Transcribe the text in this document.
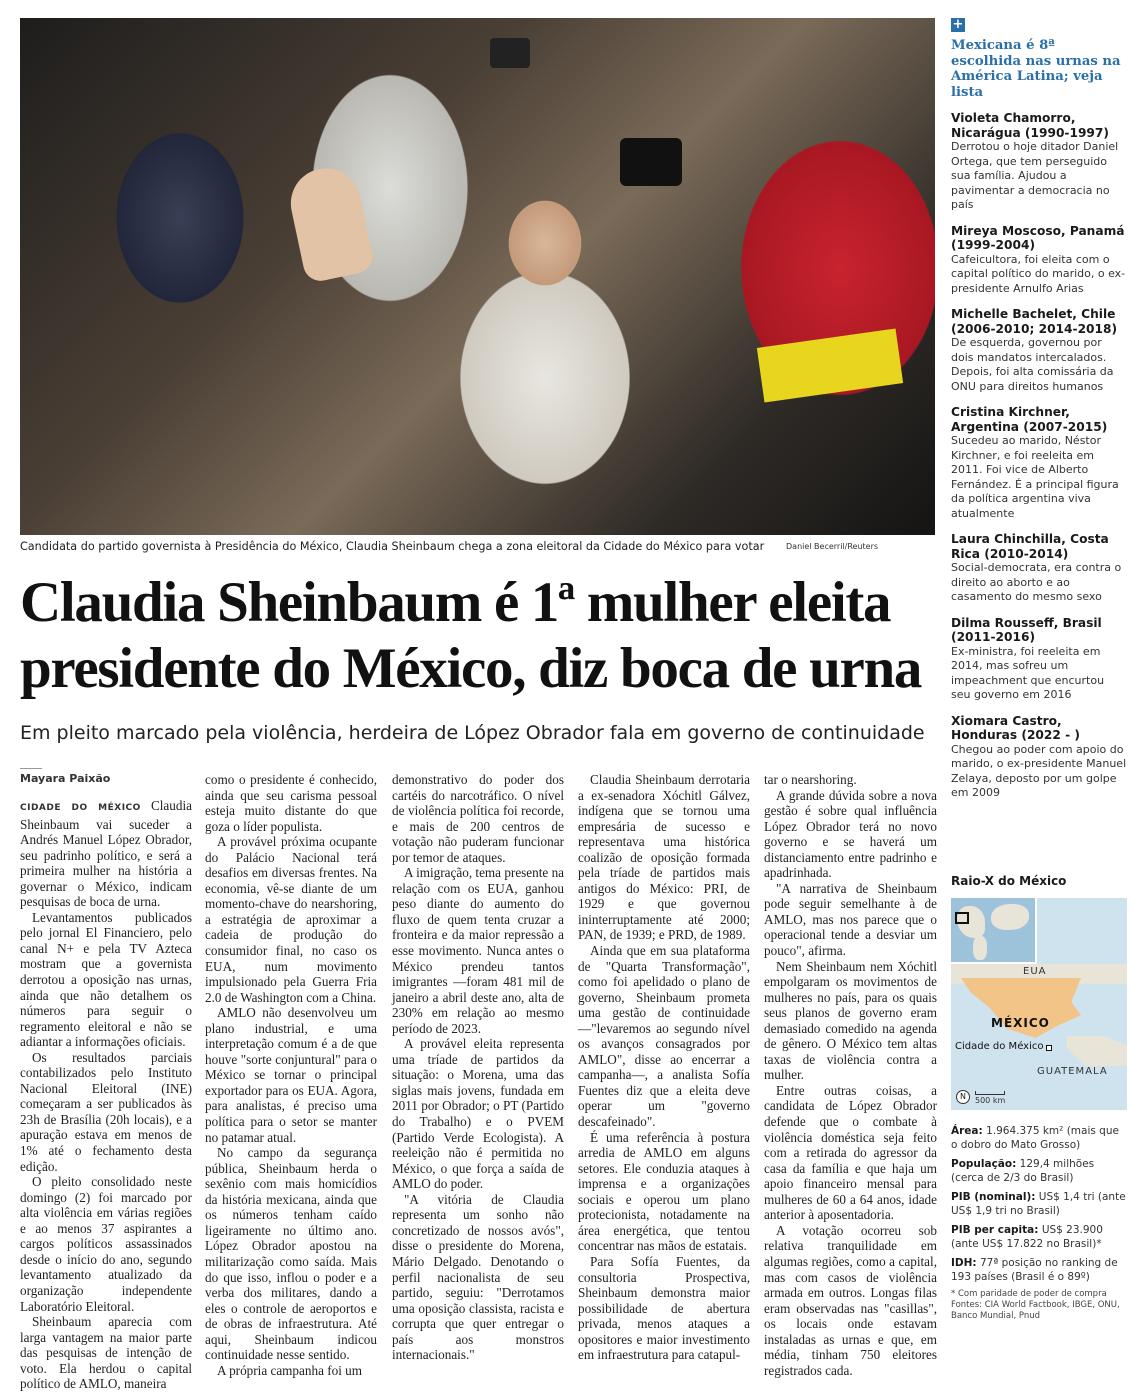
Candidata do partido governista à Presidência do México, Claudia Sheinbaum chega a zona eleitoral da Cidade do México para votar	Daniel Becerril/Reuters
Claudia Sheinbaum é 1ª mulher eleita presidente do México, diz boca de urna
Em pleito marcado pela violência, herdeira de López Obrador fala em governo de continuidade
Mayara Paixão

CIDADE DO MÉXICO Claudia Sheinbaum vai suceder a Andrés Manuel López Obrador, seu padrinho político, e será a primeira mulher na história a governar o México, indicam pesquisas de boca de urna.

Levantamentos publicados pelo jornal El Financiero, pelo canal N+ e pela TV Azteca mostram que a governista derrotou a oposição nas urnas, ainda que não detalhem os números para seguir o regramento eleitoral e não se adiantar a informações oficiais.

Os resultados parciais contabilizados pelo Instituto Nacional Eleitoral (INE) começaram a ser publicados às 23h de Brasília (20h locais), e a apuração estava em menos de 1% até o fechamento desta edição.

O pleito consolidado neste domingo (2) foi marcado por alta violência em várias regiões e ao menos 37 aspirantes a cargos políticos assassinados desde o início do ano, segundo levantamento atualizado da organização independente Laboratório Eleitoral.

Sheinbaum aparecia com larga vantagem na maior parte das pesquisas de intenção de voto. Ela herdou o capital político de AMLO, maneira

como o presidente é conhecido, ainda que seu carisma pessoal esteja muito distante do que goza o líder populista.

A provável próxima ocupante do Palácio Nacional terá desafios em diversas frentes. Na economia, vê-se diante de um momento-chave do nearshoring, a estratégia de aproximar a cadeia de produção do consumidor final, no caso os EUA, num movimento impulsionado pela Guerra Fria 2.0 de Washington com a China.

AMLO não desenvolveu um plano industrial, e uma interpretação comum é a de que houve "sorte conjuntural" para o México se tornar o principal exportador para os EUA. Agora, para analistas, é preciso uma política para o setor se manter no patamar atual.

No campo da segurança pública, Sheinbaum herda o sexênio com mais homicídios da história mexicana, ainda que os números tenham caído ligeiramente no último ano. López Obrador apostou na militarização como saída. Mais do que isso, inflou o poder e a verba dos militares, dando a eles o controle de aeroportos e de obras de infraestrutura. Até aqui, Sheinbaum indicou continuidade nesse sentido.

A própria campanha foi um

demonstrativo do poder dos cartéis do narcotráfico. O nível de violência política foi recorde, e mais de 200 centros de votação não puderam funcionar por temor de ataques.

A imigração, tema presente na relação com os EUA, ganhou peso diante do aumento do fluxo de quem tenta cruzar a fronteira e da maior repressão a esse movimento. Nunca antes o México prendeu tantos imigrantes —foram 481 mil de janeiro a abril deste ano, alta de 230% em relação ao mesmo período de 2023.

A provável eleita representa uma tríade de partidos da situação: o Morena, uma das siglas mais jovens, fundada em 2011 por Obrador; o PT (Partido do Trabalho) e o PVEM (Partido Verde Ecologista). A reeleição não é permitida no México, o que força a saída de AMLO do poder.

"A vitória de Claudia representa um sonho não concretizado de nossos avós", disse o presidente do Morena, Mário Delgado. Denotando o perfil nacionalista de seu partido, seguiu: "Derrotamos uma oposição classista, racista e corrupta que quer entregar o país aos monstros internacionais."

Claudia Sheinbaum derrotaria a ex-senadora Xóchitl Gálvez, indígena que se tornou uma empresária de sucesso e representava uma histórica coalizão de oposição formada pela tríade de partidos mais antigos do México: PRI, de 1929 e que governou ininterruptamente até 2000; PAN, de 1939; e PRD, de 1989.

Ainda que em sua plataforma de "Quarta Transformação", como foi apelidado o plano de governo, Sheinbaum prometa uma gestão de continuidade —"levaremos ao segundo nível os avanços consagrados por AMLO", disse ao encerrar a campanha—, a analista Sofía Fuentes diz que a eleita deve operar um "governo descafeinado".

É uma referência à postura arredia de AMLO em alguns setores. Ele conduzia ataques à imprensa e a organizações sociais e operou um plano protecionista, notadamente na área energética, que tentou concentrar nas mãos de estatais.

Para Sofía Fuentes, da consultoria Prospectiva, Sheinbaum demonstra maior possibilidade de abertura privada, menos ataques a opositores e maior investimento em infraestrutura para catapul-

tar o nearshoring.

A grande dúvida sobre a nova gestão é sobre qual influência López Obrador terá no novo governo e se haverá um distanciamento entre padrinho e apadrinhada.

"A narrativa de Sheinbaum pode seguir semelhante à de AMLO, mas nos parece que o operacional tende a desviar um pouco", afirma.

Nem Sheinbaum nem Xóchitl empolgaram os movimentos de mulheres no país, para os quais seus planos de governo eram demasiado comedido na agenda de gênero. O México tem altas taxas de violência contra a mulher.

Entre outras coisas, a candidata de López Obrador defende que o combate à violência doméstica seja feito com a retirada do agressor da casa da família e que haja um apoio financeiro mensal para mulheres de 60 a 64 anos, idade anterior à aposentadoria.

A votação ocorreu sob relativa tranquilidade em algumas regiões, como a capital, mas com casos de violência armada em outros. Longas filas eram observadas nas "casillas", os locais onde estavam instaladas as urnas e que, em média, tinham 750 eleitores registrados cada.

+
Mexicana é 8ª escolhida nas urnas na América Latina; veja lista
Violeta Chamorro, Nicarágua (1990-1997)

Derrotou o hoje ditador Daniel Ortega, que tem perseguido sua família. Ajudou a pavimentar a democracia no país

Mireya Moscoso, Panamá (1999-2004)

Cafeicultora, foi eleita com o capital político do marido, o ex-presidente Arnulfo Arias

Michelle Bachelet, Chile (2006-2010; 2014-2018)

De esquerda, governou por dois mandatos intercalados. Depois, foi alta comissária da ONU para direitos humanos

Cristina Kirchner, Argentina (2007-2015)

Sucedeu ao marido, Néstor Kirchner, e foi reeleita em 2011. Foi vice de Alberto Fernández. É a principal figura da política argentina viva atualmente

Laura Chinchilla, Costa Rica (2010-2014)

Social-democrata, era contra o direito ao aborto e ao casamento do mesmo sexo

Dilma Rousseff, Brasil (2011-2016)

Ex-ministra, foi reeleita em 2014, mas sofreu um impeachment que encurtou seu governo em 2016

Xiomara Castro, Honduras (2022 - )

Chegou ao poder com apoio do marido, o ex-presidente Manuel Zelaya, deposto por um golpe em 2009

Raio-X do México
EUA
MÉXICO
Cidade do México
GUATEMALA
N	500 km
Área: 1.964.375 km² (mais que o dobro do Mato Grosso)
População: 129,4 milhões (cerca de 2/3 do Brasil)
PIB (nominal): US$ 1,4 tri (ante US$ 1,9 tri no Brasil)
PIB per capita: US$ 23.900 (ante US$ 17.822 no Brasil)*
IDH: 77ª posição no ranking de 193 países (Brasil é o 89º)
* Com paridade de poder de compra
Fontes: CIA World Factbook, IBGE, ONU, Banco Mundial, Pnud
